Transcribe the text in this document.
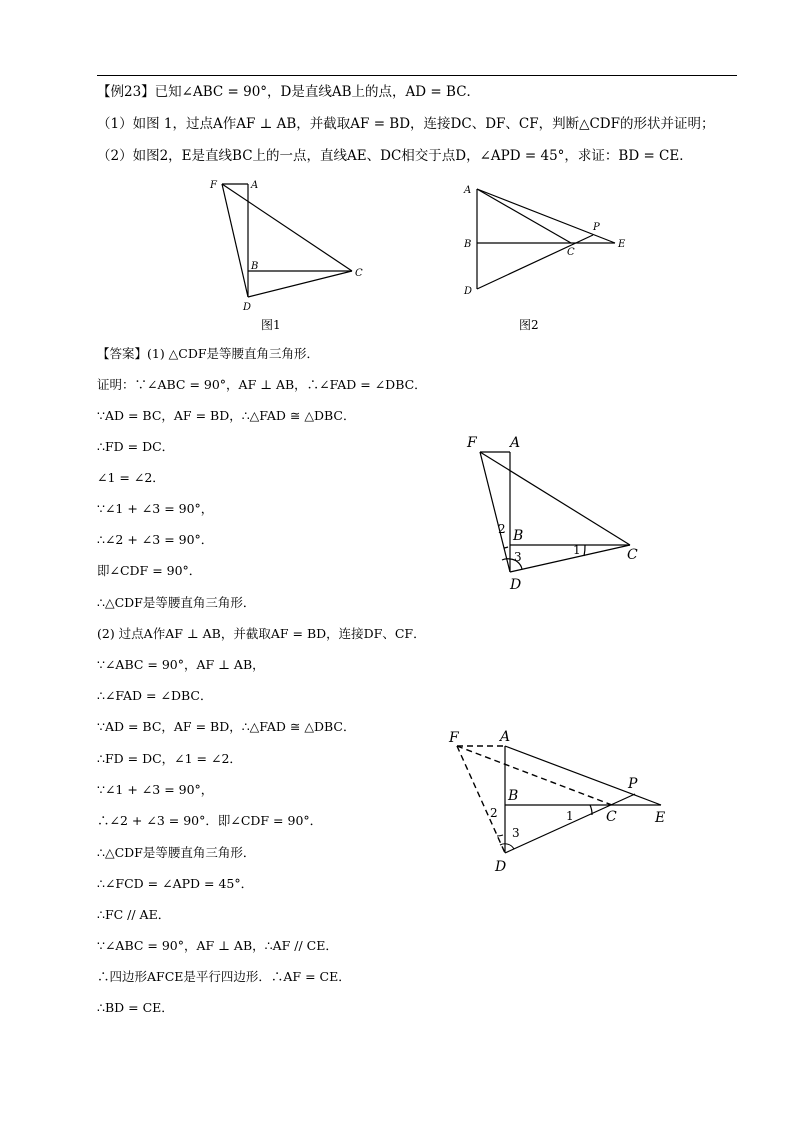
【例23】已知∠ABC = 90°，D是直线AB上的点，AD = BC．
（1）如图 1，过点A作AF ⊥ AB，并截取AF = BD，连接DC、DF、CF，判断△CDF的形状并证明；
（2）如图2，E是直线BC上的一点，直线AE、DC相交于点D，∠APD = 45°，求证：BD = CE．
F	A
B
C
D
图1
A
B
C
D
E
P
图2
【答案】(1) △CDF是等腰直角三角形．
证明：∵∠ABC = 90°，AF ⊥ AB，∴∠FAD = ∠DBC．
∵AD = BC，AF = BD，∴△FAD ≅ △DBC．
∴FD = DC．
∠1 = ∠2．
∵∠1 + ∠3 = 90°，
∴∠2 + ∠3 = 90°．
即∠CDF = 90°．
∴△CDF是等腰直角三角形．
(2) 过点A作AF ⊥ AB，并截取AF = BD，连接DF、CF．
∵∠ABC = 90°，AF ⊥ AB，
∴∠FAD = ∠DBC．
∵AD = BC，AF = BD，∴△FAD ≅ △DBC．
∴FD = DC，∠1 = ∠2．
∵∠1 + ∠3 = 90°，
∴∠2 + ∠3 = 90°．即∠CDF = 90°．
∴△CDF是等腰直角三角形．
∴∠FCD = ∠APD = 45°．
∴FC // AE．
∵∠ABC = 90°，AF ⊥ AB，∴AF // CE．
∴四边形AFCE是平行四边形．∴AF = CE．
∴BD = CE．
F A
B
C
D
1
2
3
F	A
B
C
D
E
P
1
2
3
